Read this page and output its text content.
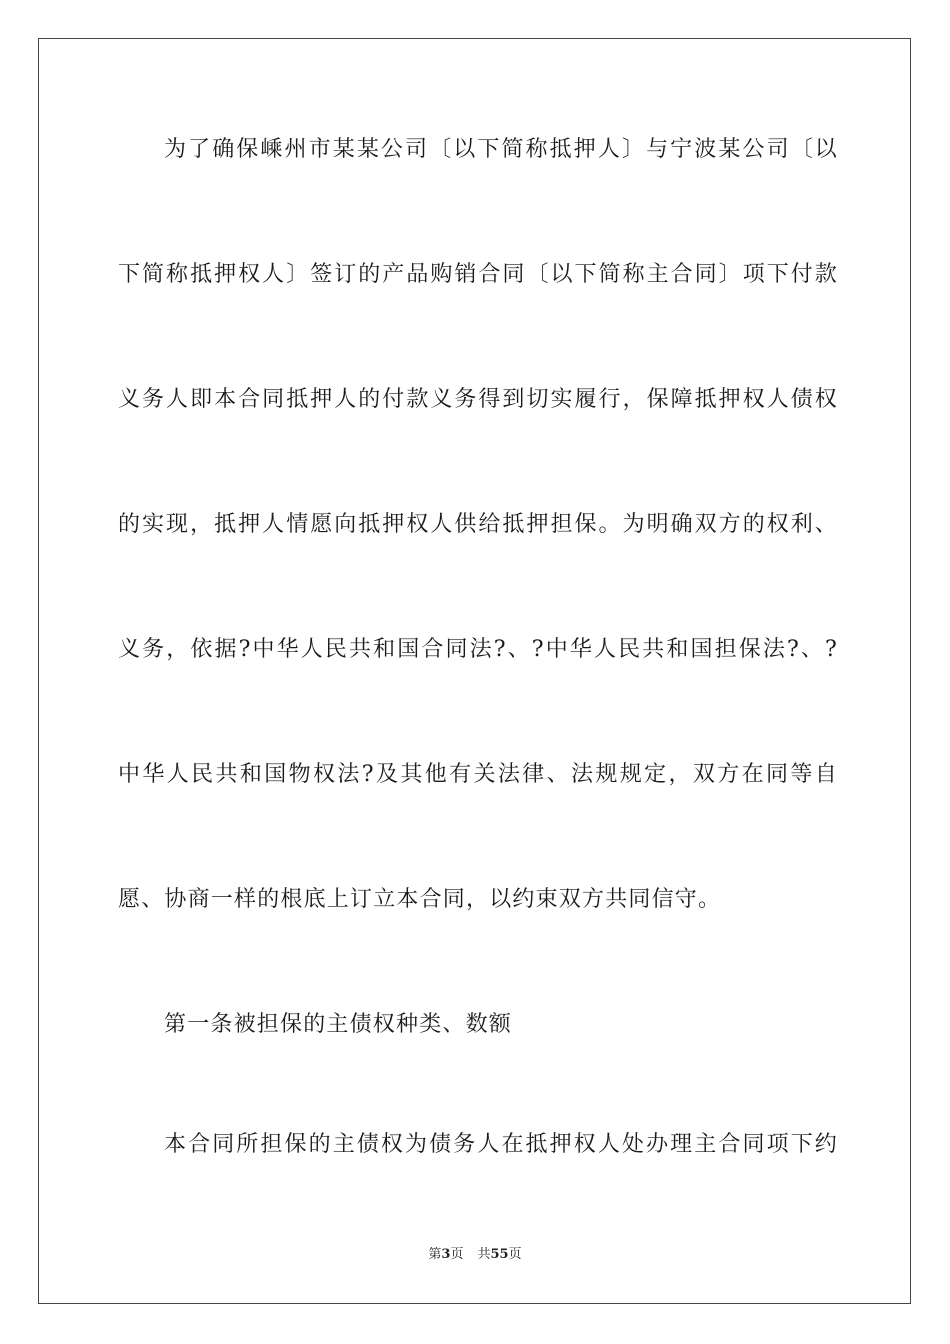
为了确保嵊州市某某公司〔以下简称抵押人〕与宁波某公司〔以
下简称抵押权人〕签订的产品购销合同〔以下简称主合同〕项下付款
义务人即本合同抵押人的付款义务得到切实履行，保障抵押权人债权
的实现，抵押人情愿向抵押权人供给抵押担保。为明确双方的权利、
义务，依据?中华人民共和国合同法?、?中华人民共和国担保法?、?
中华人民共和国物权法?及其他有关法律、法规规定，双方在同等自
愿、协商一样的根底上订立本合同，以约束双方共同信守。
第一条被担保的主债权种类、数额
本合同所担保的主债权为债务人在抵押权人处办理主合同项下约
第3页 共55页
